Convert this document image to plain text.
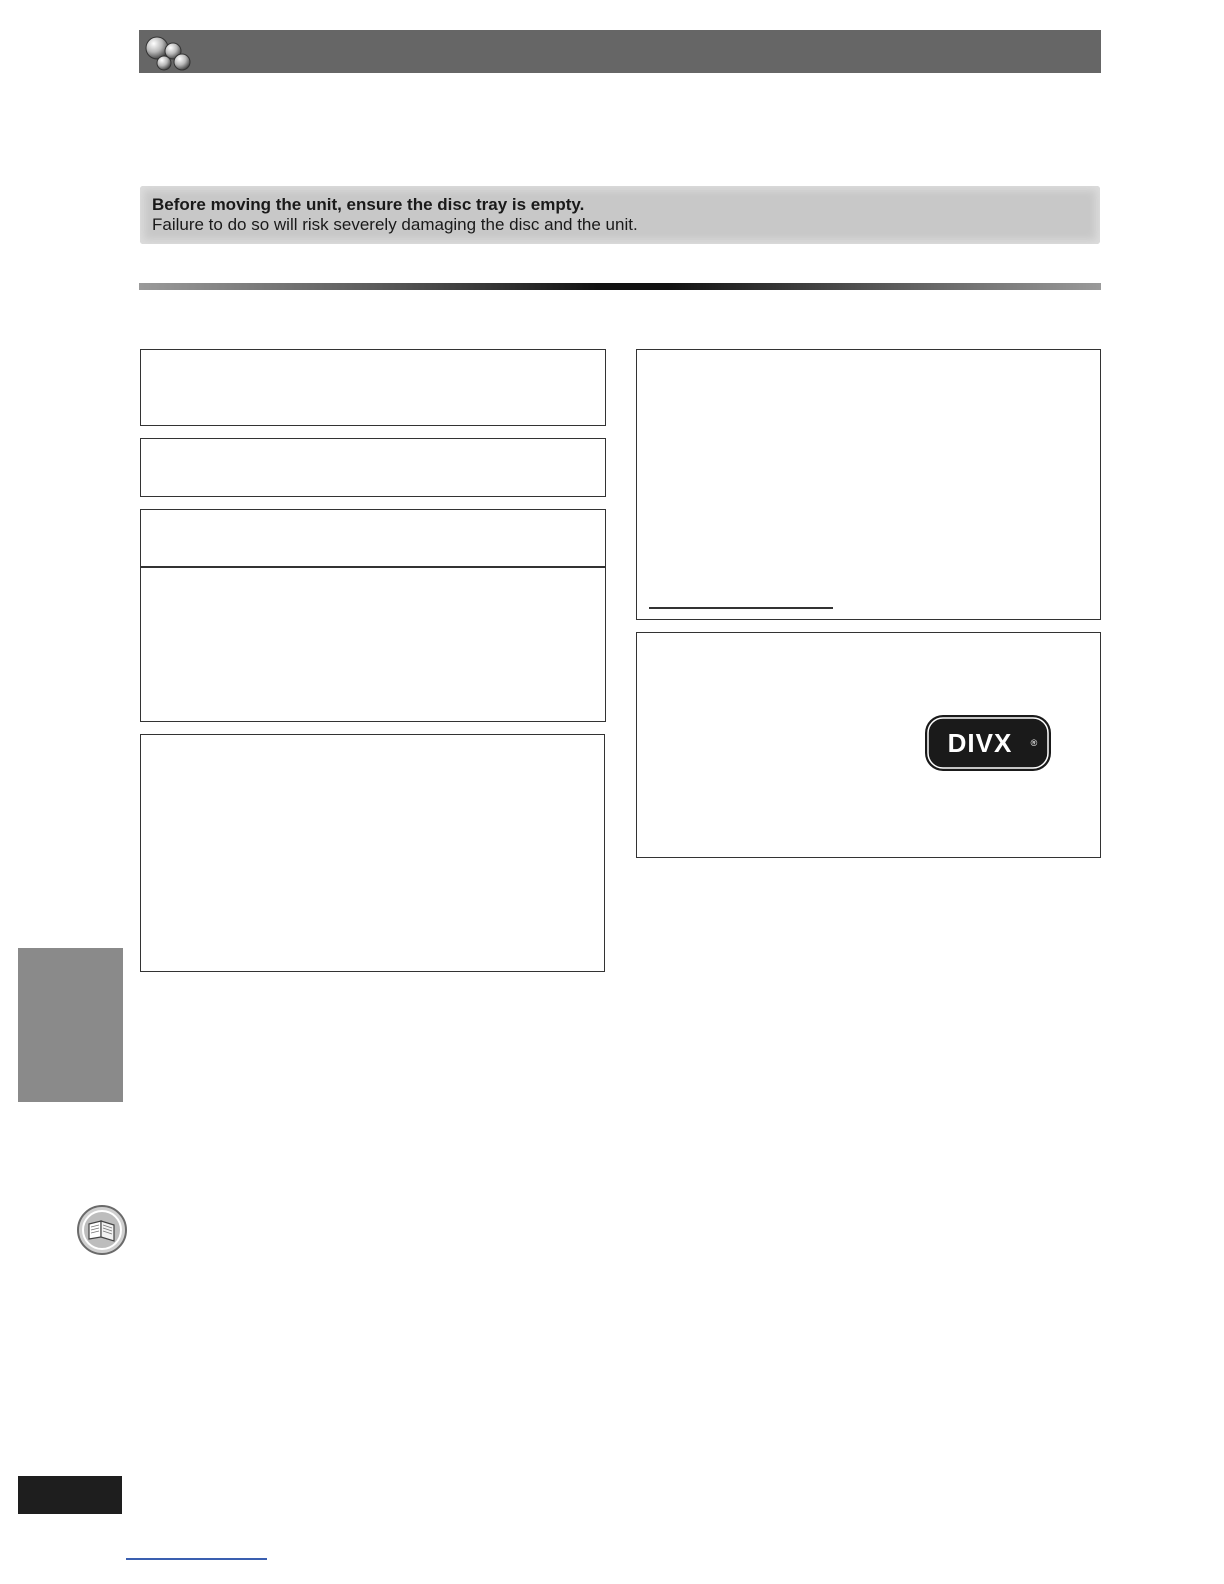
Before moving the unit, ensure the disc tray is empty.
Failure to do so will risk severely damaging the disc and the unit.
DIVX ®
